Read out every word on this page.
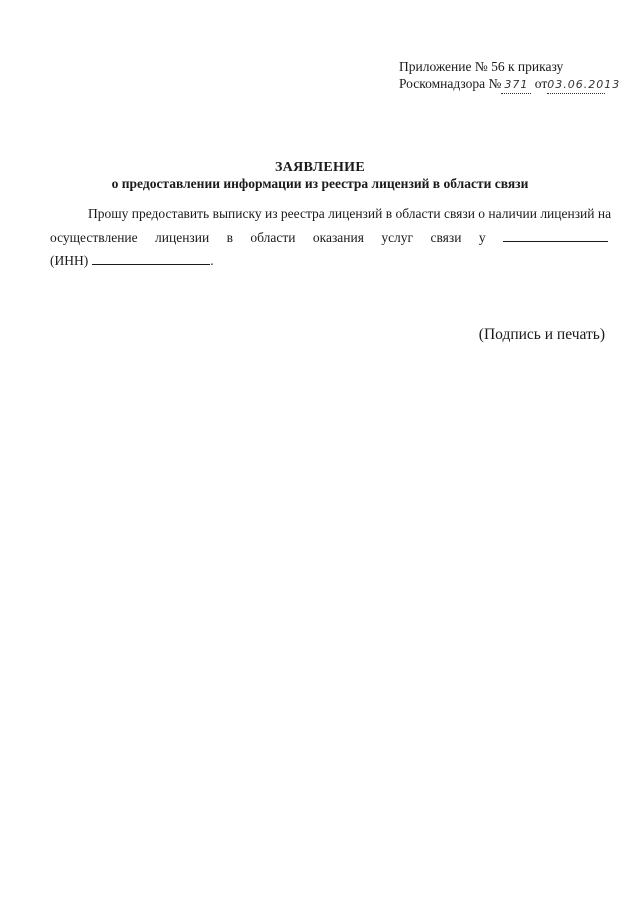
Приложение № 56 к приказу
Роскомнадзора № 371 от03.06.2013
ЗАЯВЛЕНИЕ
о предоставлении информации из реестра лицензий в области связи
Прошу предоставить выписку из реестра лицензий в области связи о наличии лицензий на
осуществление лицензии в области оказания услуг связи у
(ИНН)	.
(Подпись и печать)
